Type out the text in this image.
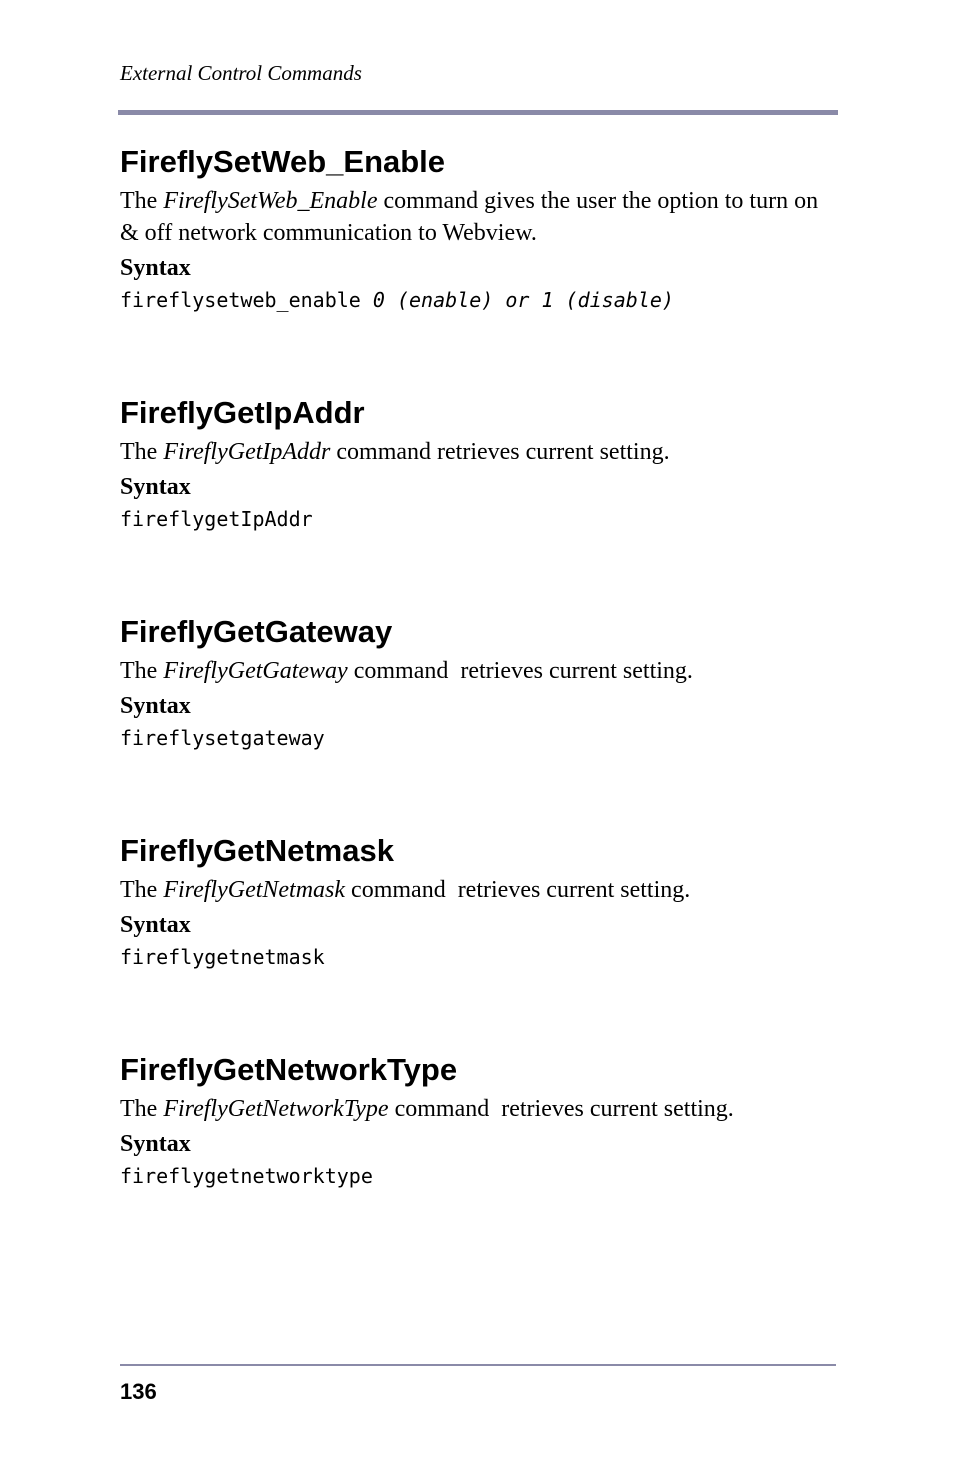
External Control Commands
FireflySetWeb_Enable

The FireflySetWeb_Enable command gives the user the option to turn on & off network communication to Webview.

Syntax
fireflysetweb_enable 0 (enable) or 1 (disable)
FireflyGetIpAddr

The FireflyGetIpAddr command retrieves current setting.

Syntax
fireflygetIpAddr
FireflyGetGateway

The FireflyGetGateway command  retrieves current setting.

Syntax
fireflysetgateway
FireflyGetNetmask

The FireflyGetNetmask command  retrieves current setting.

Syntax
fireflygetnetmask
FireflyGetNetworkType

The FireflyGetNetworkType command  retrieves current setting.

Syntax
fireflygetnetworktype
136
